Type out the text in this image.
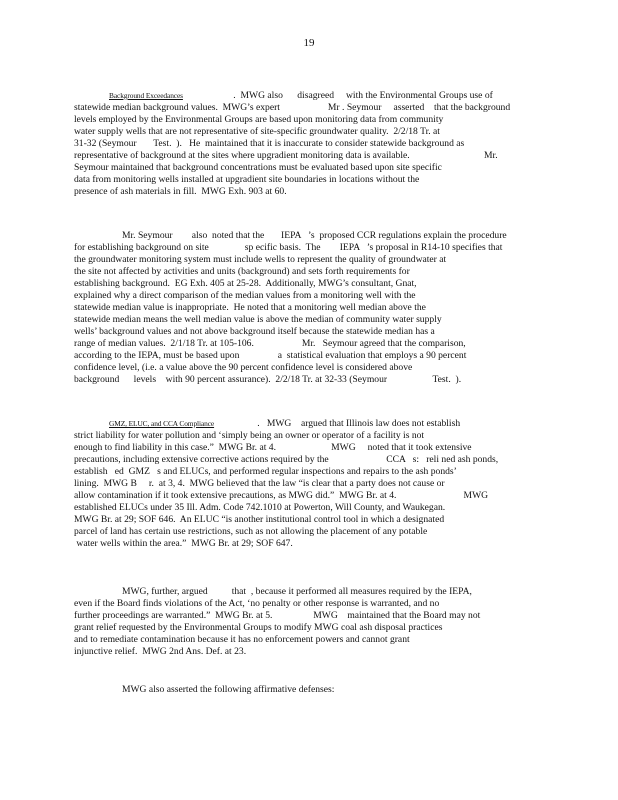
19
Background Exceedances                     .  MWG also      disagreed     with the Environmental Groups use of
statewide median background values.  MWG’s expert                    Mr . Seymour     asserted    that the background
levels employed by the Environmental Groups are based upon monitoring data from community
water supply wells that are not representative of site-specific groundwater quality.  2/2/18 Tr. at
31-32 (Seymour       Test.  ).   He  maintained that it is inaccurate to consider statewide background as
representative of background at the sites where upgradient monitoring data is available.                               Mr.
Seymour maintained that background concentrations must be evaluated based upon site specific
data from monitoring wells installed at upgradient site boundaries in locations without the
presence of ash materials in fill.  MWG Exh. 903 at 60.
Mr. Seymour        also  noted that the       IEPA   ’s  proposed CCR regulations explain the procedure
for establishing background on site               sp ecific basis.  The        IEPA   ’s proposal in R14-10 specifies that
the groundwater monitoring system must include wells to represent the quality of groundwater at
the site not affected by activities and units (background) and sets forth requirements for
establishing background.  EG Exh. 405 at 25-28.  Additionally, MWG’s consultant, Gnat,
explained why a direct comparison of the median values from a monitoring well with the
statewide median value is inappropriate.  He noted that a monitoring well median above the
statewide median means the well median value is above the median of community water supply
wells’ background values and not above background itself because the statewide median has a
range of median values.  2/1/18 Tr. at 105-106.                    Mr.   Seymour agreed that the comparison,
according to the IEPA, must be based upon                a  statistical evaluation that employs a 90 percent
confidence level, (i.e. a value above the 90 percent confidence level is considered above
background      levels    with 90 percent assurance).  2/2/18 Tr. at 32-33 (Seymour                   Test.  ).
GMZ, ELUC, and CCA Compliance                  .   MWG    argued that Illinois law does not establish
strict liability for water pollution and ‘simply being an owner or operator of a facility is not
enough to find liability in this case.”  MWG Br. at 4.                       MWG     noted that it took extensive
precautions, including extensive corrective actions required by the                        CCA   s:   reli ned ash ponds,
establish   ed  GMZ   s and ELUCs, and performed regular inspections and repairs to the ash ponds’
lining.  MWG B     r.  at 3, 4.  MWG believed that the law “is clear that a party does not cause or
allow contamination if it took extensive precautions, as MWG did.”  MWG Br. at 4.                            MWG
established ELUCs under 35 Ill. Adm. Code 742.1010 at Powerton, Will County, and Waukegan.
MWG Br. at 29; SOF 646.  An ELUC “is another institutional control tool in which a designated
parcel of land has certain use restrictions, such as not allowing the placement of any potable
water wells within the area.”  MWG Br. at 29; SOF 647.
MWG, further, argued          that  , because it performed all measures required by the IEPA,
even if the Board finds violations of the Act, ‘no penalty or other response is warranted, and no
further proceedings are warranted.”  MWG Br. at 5.                 MWG    maintained that the Board may not
grant relief requested by the Environmental Groups to modify MWG coal ash disposal practices
and to remediate contamination because it has no enforcement powers and cannot grant
injunctive relief.  MWG 2nd Ans. Def. at 23.
MWG also asserted the following affirmative defenses:
